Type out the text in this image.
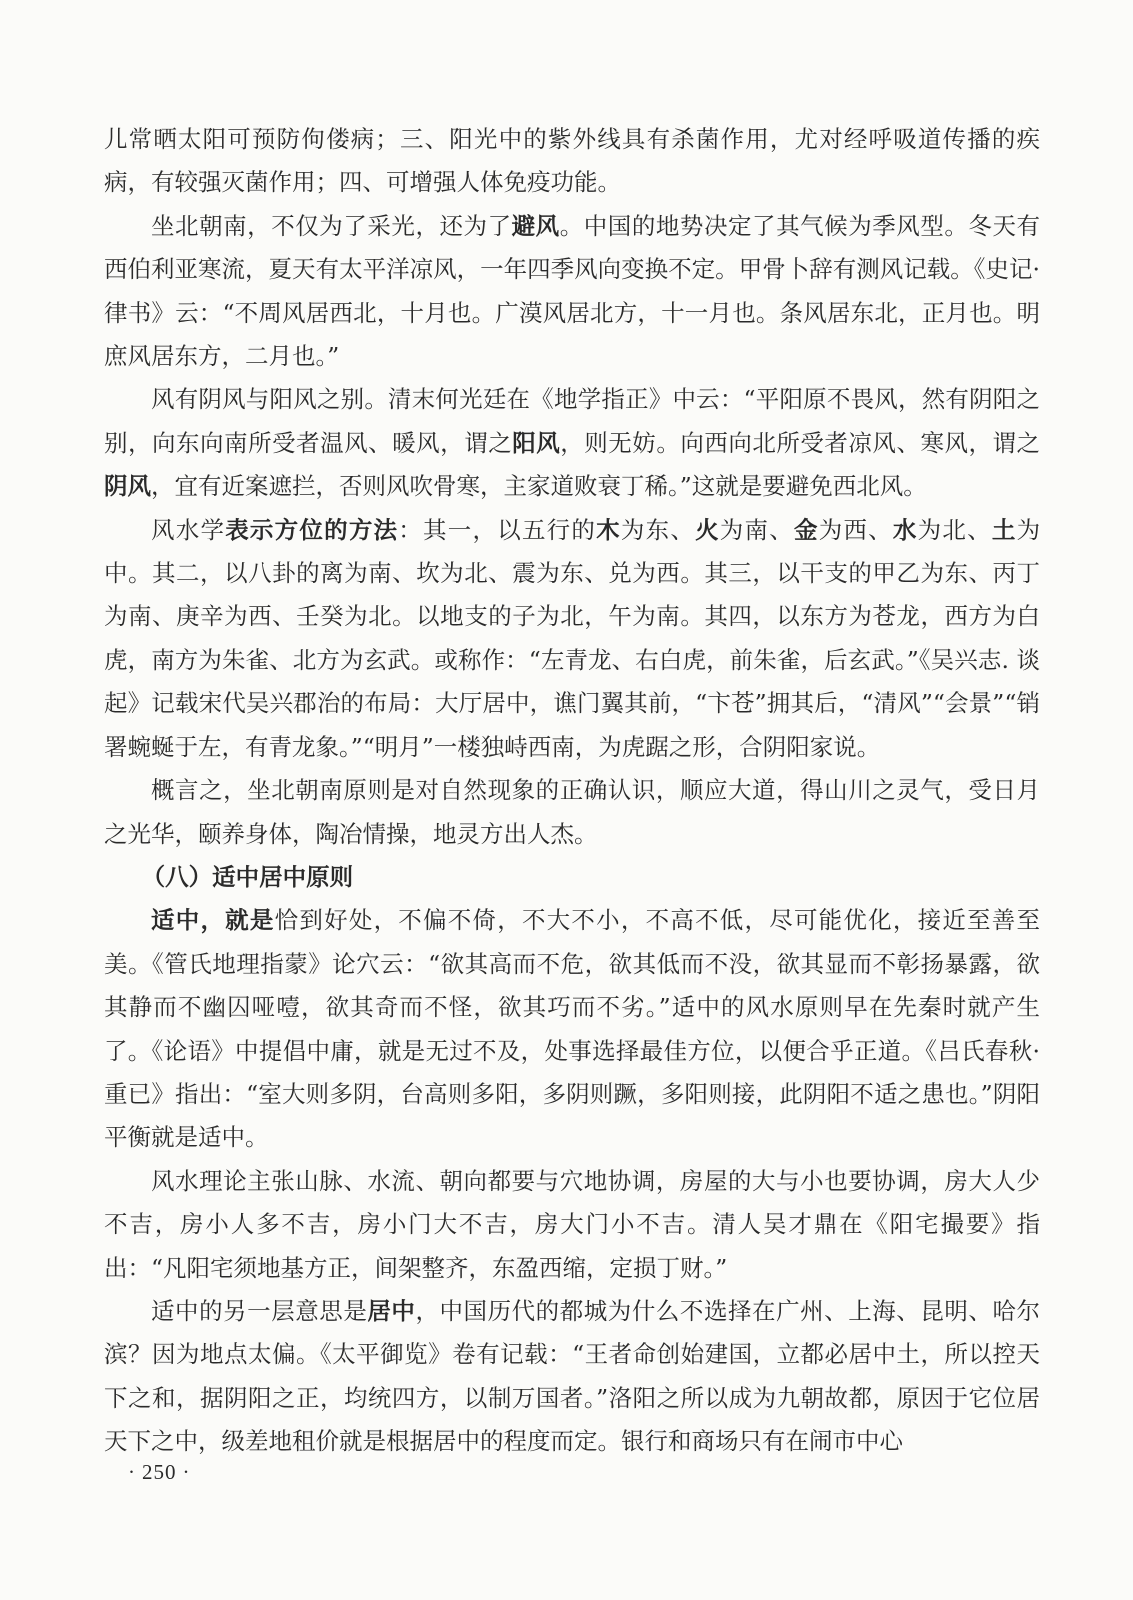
儿常晒太阳可预防佝偻病；三、阳光中的紫外线具有杀菌作用，尤对经呼吸道传播的疾病，有较强灭菌作用；四、可增强人体免疫功能。

坐北朝南，不仅为了采光，还为了避风。中国的地势决定了其气候为季风型。冬天有西伯利亚寒流，夏天有太平洋凉风，一年四季风向变换不定。甲骨卜辞有测风记载。《史记·律书》云：“不周风居西北，十月也。广漠风居北方，十一月也。条风居东北，正月也。明庶风居东方，二月也。”

风有阴风与阳风之别。清末何光廷在《地学指正》中云：“平阳原不畏风，然有阴阳之别，向东向南所受者温风、暖风，谓之阳风，则无妨。向西向北所受者凉风、寒风，谓之阴风，宜有近案遮拦，否则风吹骨寒，主家道败衰丁稀。”这就是要避免西北风。

风水学表示方位的方法：其一，以五行的木为东、火为南、金为西、水为北、土为中。其二，以八卦的离为南、坎为北、震为东、兑为西。其三，以干支的甲乙为东、丙丁为南、庚辛为西、壬癸为北。以地支的子为北，午为南。其四，以东方为苍龙，西方为白虎，南方为朱雀、北方为玄武。或称作：“左青龙、右白虎，前朱雀，后玄武。”《吴兴志. 谈起》记载宋代吴兴郡治的布局：大厅居中，谯门翼其前，“卞苍”拥其后，“清风”“会景”“销署蜿蜒于左，有青龙象。”“明月”一楼独峙西南，为虎踞之形，合阴阳家说。

概言之，坐北朝南原则是对自然现象的正确认识，顺应大道，得山川之灵气，受日月之光华，颐养身体，陶冶情操，地灵方出人杰。

（八）适中居中原则

适中，就是恰到好处，不偏不倚，不大不小，不高不低，尽可能优化，接近至善至美。《管氏地理指蒙》论穴云：“欲其高而不危，欲其低而不没，欲其显而不彰扬暴露，欲其静而不幽囚哑噎，欲其奇而不怪，欲其巧而不劣。”适中的风水原则早在先秦时就产生了。《论语》中提倡中庸，就是无过不及，处事选择最佳方位，以便合乎正道。《吕氏春秋·重已》指出：“室大则多阴，台高则多阳，多阴则蹶，多阳则接，此阴阳不适之患也。”阴阳平衡就是适中。

风水理论主张山脉、水流、朝向都要与穴地协调，房屋的大与小也要协调，房大人少不吉，房小人多不吉，房小门大不吉，房大门小不吉。清人吴才鼎在《阳宅撮要》指出：“凡阳宅须地基方正，间架整齐，东盈西缩，定损丁财。”

适中的另一层意思是居中，中国历代的都城为什么不选择在广州、上海、昆明、哈尔滨？因为地点太偏。《太平御览》卷有记载：“王者命创始建国，立都必居中土，所以控天下之和，据阴阳之正，均统四方，以制万国者。”洛阳之所以成为九朝故都，原因于它位居天下之中，级差地租价就是根据居中的程度而定。银行和商场只有在闹市中心

· 250 ·
